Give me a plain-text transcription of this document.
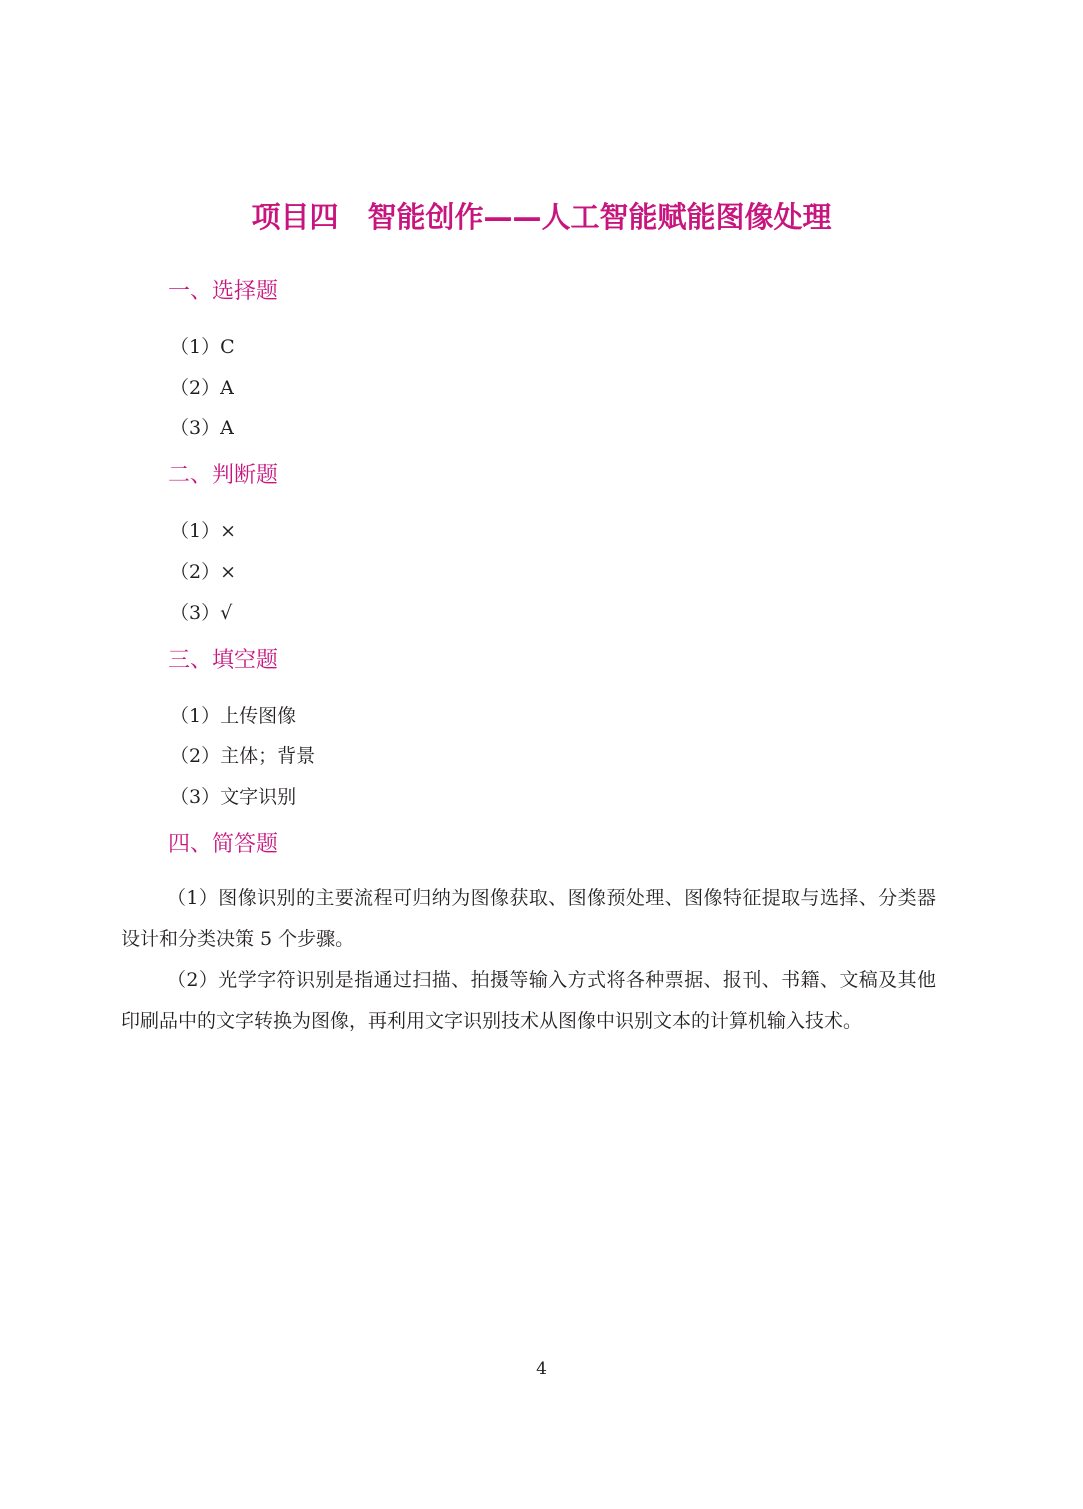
项目四　智能创作——人工智能赋能图像处理
一、选择题
（1）C
（2）A
（3）A
二、判断题
（1）×
（2）×
（3）√
三、填空题
（1）上传图像
（2）主体；背景
（3）文字识别
四、简答题

（1）图像识别的主要流程可归纳为图像获取、图像预处理、图像特征提取与选择、分类器设计和分类决策 5 个步骤。

（2）光学字符识别是指通过扫描、拍摄等输入方式将各种票据、报刊、书籍、文稿及其他印刷品中的文字转换为图像，再利用文字识别技术从图像中识别文本的计算机输入技术。

4
